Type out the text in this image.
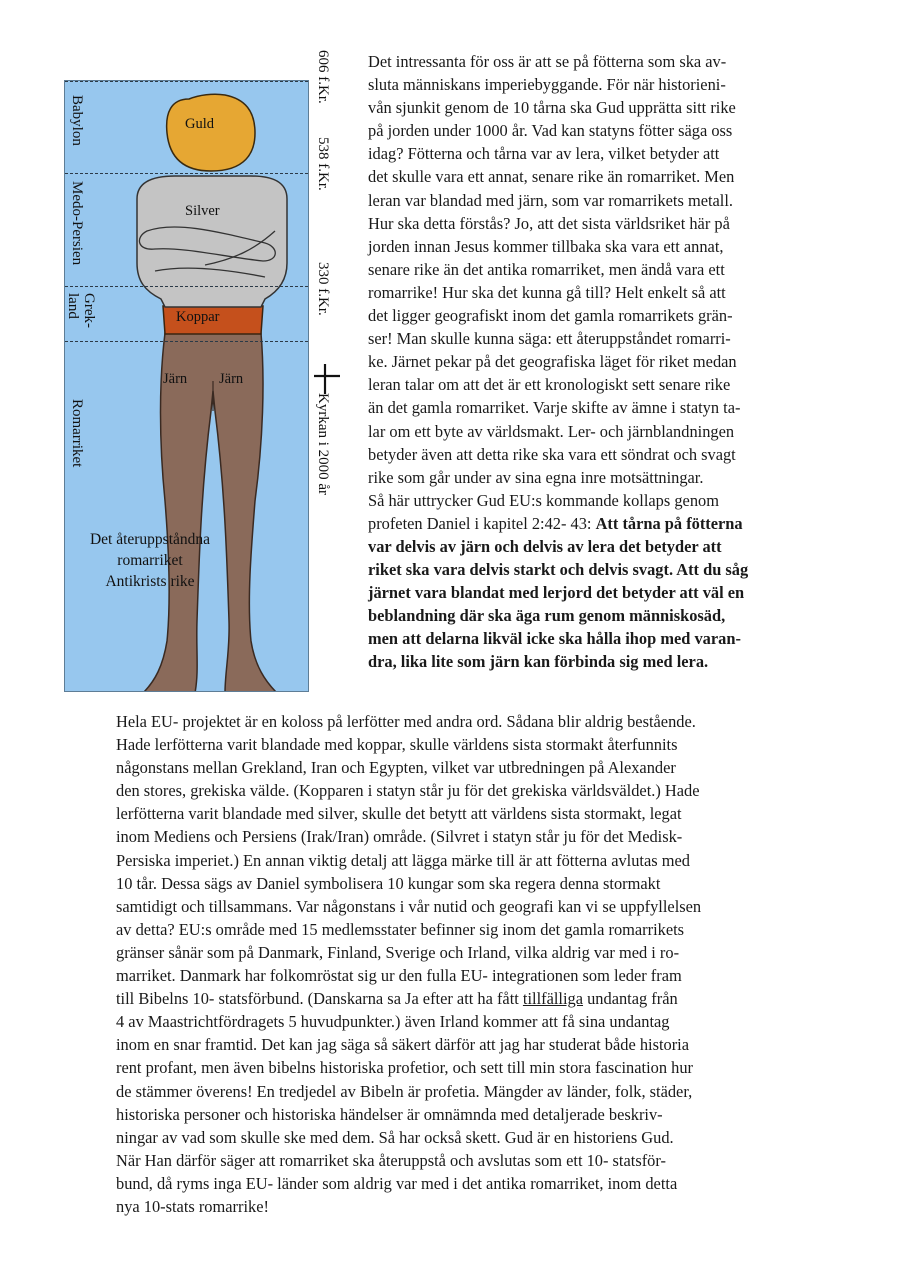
Babylon
Medo-Persien
Grek-
land
Romarriket
Guld
Silver
Koppar
Järn Järn
Det återuppståndna
romarriket
Antikrists rike
606 f.Kr.
538 f.Kr.
330 f.Kr.
Kyrkan i 2000 år
Det intressanta för oss är att se på fötterna som ska av-
sluta människans imperiebyggande. För när historieni-
vån sjunkit genom de 10 tårna ska Gud upprätta sitt rike
på jorden under 1000 år. Vad kan statyns fötter säga oss
idag? Fötterna och tårna var av lera, vilket betyder att
det skulle vara ett annat, senare rike än romarriket. Men
leran var blandad med järn, som var romarrikets metall.
Hur ska detta förstås? Jo, att det sista världsriket här på
jorden innan Jesus kommer tillbaka ska vara ett annat,
senare rike än det antika romarriket, men ändå vara ett
romarrike! Hur ska det kunna gå till? Helt enkelt så att
det ligger geografiskt inom det gamla romarrikets grän-
ser! Man skulle kunna säga: ett återuppståndet romarri-
ke. Järnet pekar på det geografiska läget för riket medan
leran talar om att det är ett kronologiskt sett senare rike
än det gamla romarriket. Varje skifte av ämne i statyn ta-
lar om ett byte av världsmakt. Ler- och järnblandningen
betyder även att detta rike ska vara ett söndrat och svagt
rike som går under av sina egna inre motsättningar.
Så här uttrycker Gud EU:s kommande kollaps genom
profeten Daniel i kapitel 2:42- 43: Att tårna på fötterna
var delvis av järn och delvis av lera det betyder att
riket ska vara delvis starkt och delvis svagt. Att du såg
järnet vara blandat med lerjord det betyder att väl en
beblandning där ska äga rum genom människosäd,
men att delarna likväl icke ska hålla ihop med varan-
dra, lika lite som järn kan förbinda sig med lera.
Hela EU- projektet är en koloss på lerfötter med andra ord. Sådana blir aldrig bestående.
Hade lerfötterna varit blandade med koppar, skulle världens sista stormakt återfunnits
någonstans mellan Grekland, Iran och Egypten, vilket var utbredningen på Alexander
den stores, grekiska välde. (Kopparen i statyn står ju för det grekiska världsväldet.) Hade
lerfötterna varit blandade med silver, skulle det betytt att världens sista stormakt, legat
inom Mediens och Persiens (Irak/Iran) område. (Silvret i statyn står ju för det Medisk-
Persiska imperiet.) En annan viktig detalj att lägga märke till är att fötterna avlutas med
10 tår. Dessa sägs av Daniel symbolisera 10 kungar som ska regera denna stormakt
samtidigt och tillsammans. Var någonstans i vår nutid och geografi kan vi se uppfyllelsen
av detta? EU:s område med 15 medlemsstater befinner sig inom det gamla romarrikets
gränser sånär som på Danmark, Finland, Sverige och Irland, vilka aldrig var med i ro-
marriket. Danmark har folkomröstat sig ur den fulla EU- integrationen som leder fram
till Bibelns 10- statsförbund. (Danskarna sa Ja efter att ha fått tillfälliga undantag från
4 av Maastrichtfördragets 5 huvudpunkter.) även Irland kommer att få sina undantag
inom en snar framtid. Det kan jag säga så säkert därför att jag har studerat både historia
rent profant, men även bibelns historiska profetior, och sett till min stora fascination hur
de stämmer överens! En tredjedel av Bibeln är profetia. Mängder av länder, folk, städer,
historiska personer och historiska händelser är omnämnda med detaljerade beskriv-
ningar av vad som skulle ske med dem. Så har också skett. Gud är en historiens Gud.
När Han därför säger att romarriket ska återuppstå och avslutas som ett 10- statsför-
bund, då ryms inga EU- länder som aldrig var med i det antika romarriket, inom detta
nya 10-stats romarrike!
